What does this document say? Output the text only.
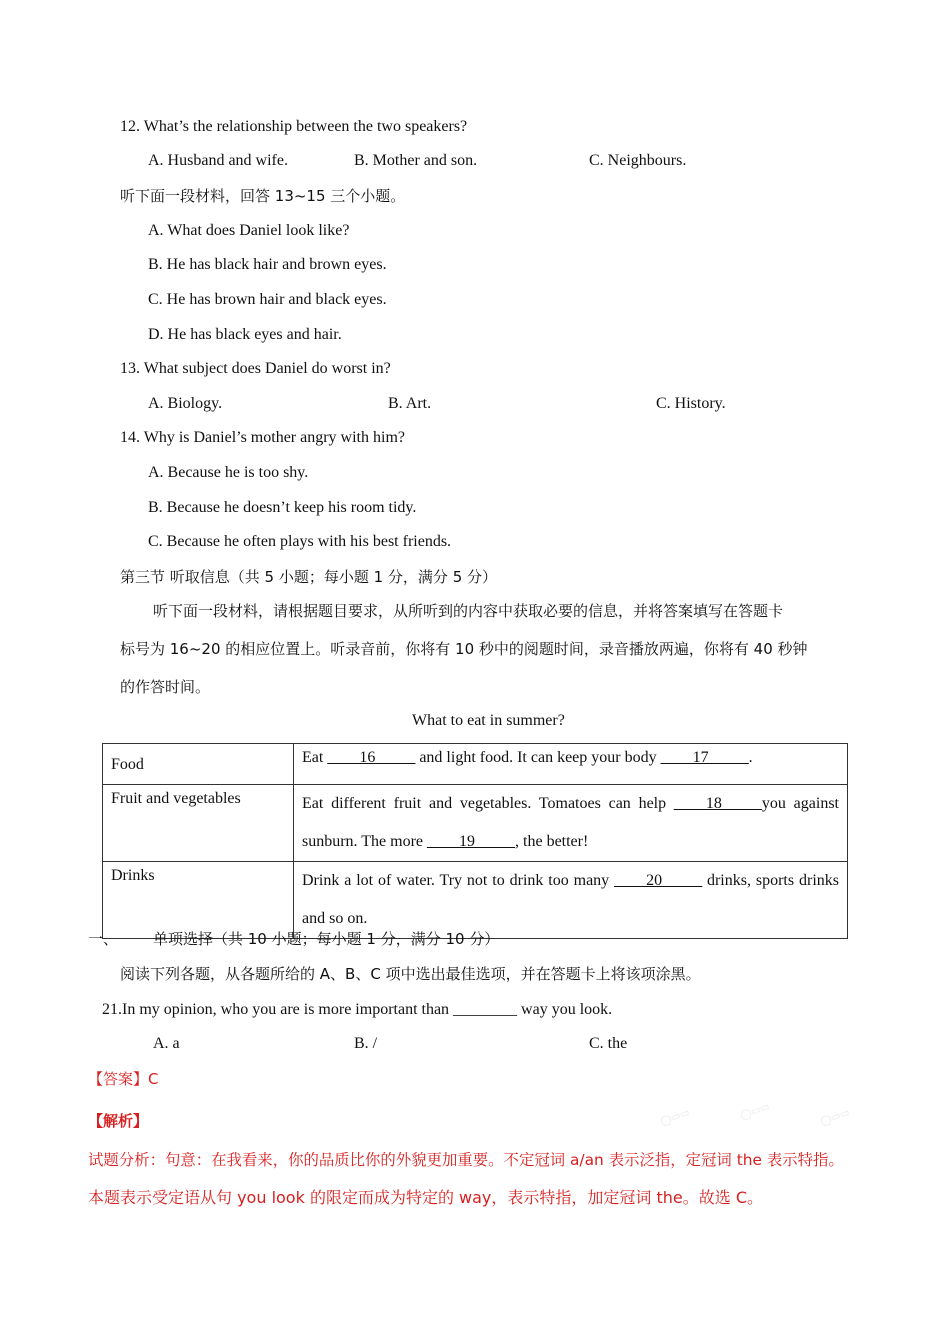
12. What’s the relationship between the two speakers?
A. Husband and wife.	B. Mother and son.	C. Neighbours.
听下面一段材料，回答 13~15 三个小题。
A. What does Daniel look like?
B. He has black hair and brown eyes.
C. He has brown hair and black eyes.
D. He has black eyes and hair.
13. What subject does Daniel do worst in?
A. Biology.	B. Art.	C. History.
14. Why is Daniel’s mother angry with him?
A. Because he is too shy.
B. Because he doesn’t keep his room tidy.
C. Because he often plays with his best friends.
第三节 听取信息（共 5 小题；每小题 1 分，满分 5 分）
听下面一段材料，请根据题目要求，从所听到的内容中获取必要的信息，并将答案填写在答题卡
标号为 16~20 的相应位置上。听录音前，你将有 10 秒中的阅题时间，录音播放两遍，你将有 40 秒钟
的作答时间。
What to eat in summer?
Food	Eat ____16_____ and light food. It can keep your body ____17_____.
Fruit and vegetables	Eat different fruit and vegetables. Tomatoes can help ____18_____you against sunburn. The more ____19_____, the better!
Drinks	Drink a lot of water. Try not to drink too many ____20_____ drinks, sports drinks and so on.
一、 单项选择（共 10 小题；每小题 1 分，满分 10 分）
阅读下列各题，从各题所给的 A、B、C 项中选出最佳选项，并在答题卡上将该项涂黑。
21.In my opinion, who you are is more important than ________ way you look.
A. a	B. /	C. the
【答案】C
【解析】
试题分析：句意：在我看来，你的品质比你的外貌更加重要。不定冠词 a/an 表示泛指，定冠词 the 表示特指。
本题表示受定语从句 you look 的限定而成为特定的 way，表示特指，加定冠词 the。故选 C。
◯▭▭	◯▭▭	◯▭▭
